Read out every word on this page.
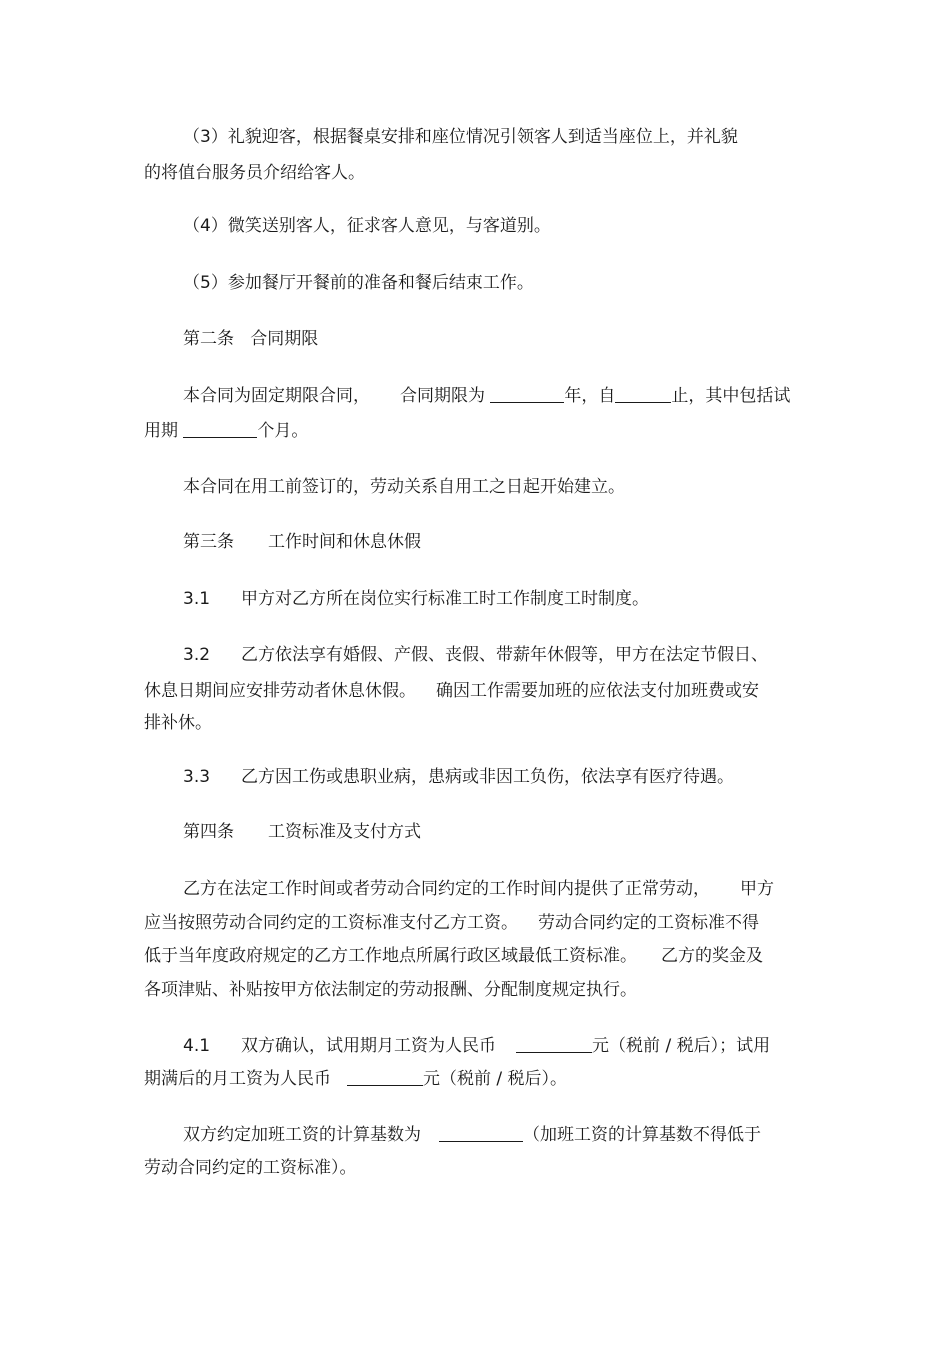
（3）礼貌迎客，根据餐桌安排和座位情况引领客人到适当座位上，并礼貌
的将值台服务员介绍给客人。
（4）微笑送别客人，征求客人意见，与客道别。
（5）参加餐厅开餐前的准备和餐后结束工作。
第二条   合同期限
本合同为固定期限合同， 合同期限为	年，自	止，其中包括试
用期	个月。
本合同在用工前签订的，劳动关系自用工之日起开始建立。
第三条 工作时间和休息休假
3.1 甲方对乙方所在岗位实行标准工时工作制度工时制度。
3.2 乙方依法享有婚假、产假、丧假、带薪年休假等，甲方在法定节假日、
休息日期间应安排劳动者休息休假。 确因工作需要加班的应依法支付加班费或安
排补休。
3.3 乙方因工伤或患职业病，患病或非因工负伤，依法享有医疗待遇。
第四条 工资标准及支付方式
乙方在法定工作时间或者劳动合同约定的工作时间内提供了正常劳动， 甲方
应当按照劳动合同约定的工资标准支付乙方工资。 劳动合同约定的工资标准不得
低于当年度政府规定的乙方工作地点所属行政区域最低工资标准。 乙方的奖金及
各项津贴、补贴按甲方依法制定的劳动报酬、分配制度规定执行。
4.1 双方确认，试用期月工资为人民币	元（税前 / 税后）；试用
期满后的月工资为人民币	元（税前 / 税后）。
双方约定加班工资的计算基数为	（加班工资的计算基数不得低于
劳动合同约定的工资标准）。
